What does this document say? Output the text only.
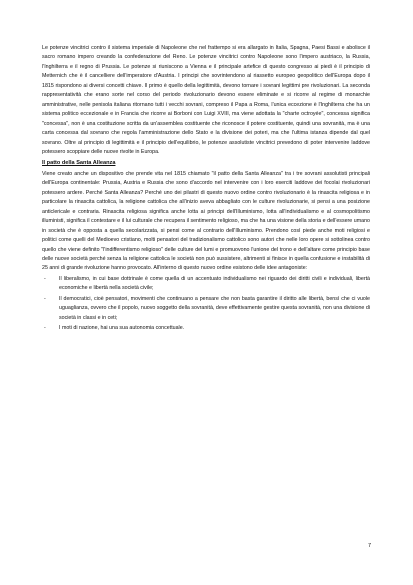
Le potenze vincitrici contro il sistema imperiale di Napoleone che nel frattempo si era allargato in Italia, Spagna, Paesi Bassi e abolisce il sacro romano impero creando la confederazione del Reno. Le potenze vincitrici contro Napoleone sono l'impero austriaco, la Russia, l'Inghilterra e il regno di Prussia. Le potenze si riuniscono a Vienna e il principale artefice di questo congresso ai piedi è il principio di Metternich che è il cancelliere dell'imperatore d'Austria. I principi che sovrintendono al riassetto europeo geopolitico dell'Europa dopo il 1815 rispondono ai diversi concetti chiave. Il primo è quello della legittimità, devono tornare i sovrani legittimi pre rivoluzionari. La seconda rappresentatività che erano sorte nel corso del periodo rivoluzionario devono essere eliminate e si ricorre al regime di monarchie amministrative, nelle penisola italiana ritornano tutti i vecchi sovrani, compreso il Papa a Roma, l'unica eccezione è l'Inghilterra che ha un sistema politico eccezionale e in Francia che ricorre ai Borboni con Luigi XVIII, ma viene adottata la "charte octroyée", concessa significa "concessa", non è una costituzione scritta da un'assemblea costituente che riconosce il potere costituente, quindi una sovranità, ma è una carta concessa dal sovrano che regola l'amministrazione dello Stato e la divisione dei poteri, ma che l'ultima istanza dipende dal quel sovrano. Oltre al principio di legittimità e il principio dell'equilibrio, le potenze assolutiste vincitrici prevedono di poter intervenire laddove potessero scoppiare delle nuove rivolte in Europa.

Il patto della Santa Alleanza

Viene creato anche un dispositivo che prende vita nel 1815 chiamato "il patto della Santa Alleanza" tra i tre sovrani assolutisti principali dell'Europa continentale: Prussia, Austria e Russia che sono d'accordo nel intervenire con i loro eserciti laddove dei focolai rivoluzionari potessero ardere. Perché Santa Alleanza? Perché uno dei pilastri di questo nuovo ordine contro rivoluzionario è la rinascita religiosa e in particolare la rinascita cattolica, la religione cattolica che all'inizio aveva abbagliato con le culture rivoluzionarie, si pensi a una posizione anticlericale e contraria. Rinascita religiosa significa anche lotta ai principi dell'Illuminismo, lotta all'individualismo e al cosmopolitismo illuministi, significa il contestare e il lui culturale che recupera il sentimento religioso, ma che ha una visione della storia e dell'essere umano in società che è opposta a quella secolarizzata, si pensi come al contrario dell'Illuminismo. Prendono così piede anche moti religiosi e politici come quelli del Medioevo cristiano, molti pensatori del tradizionalismo cattolico sono autori che nelle loro opere si sottolinea contro quello che viene definito "l'indifferentismo religioso" delle culture del lumi e promuovono l'unione del trono e dell'altare come principio base delle nuove società perché senza la religione cattolica le società non può sussistere, altrimenti si finisce in quella confusione e instabilità di 25 anni di grande rivoluzione hanno provocato. All'interno di questo nuovo ordine esistono delle idee antagoniste:

- Il liberalismo, in cui base dottrinale è come quella di un accentuato individualismo nei riguardo dei diritti civili e individuali, libertà economiche e libertà nella società civile;
- Il democratici, cioè pensatori, movimenti che continuano a pensare che non basta garantire il diritto alle libertà, bensì che ci vuole uguaglianza, ovvero che il popolo, nuovo soggetto della sovranità, deve effettivamente gestire questa sovranità, non una divisione di società in classi e in ceti;
- I moti di nazione, hai una sua autonomia concettuale.
7
